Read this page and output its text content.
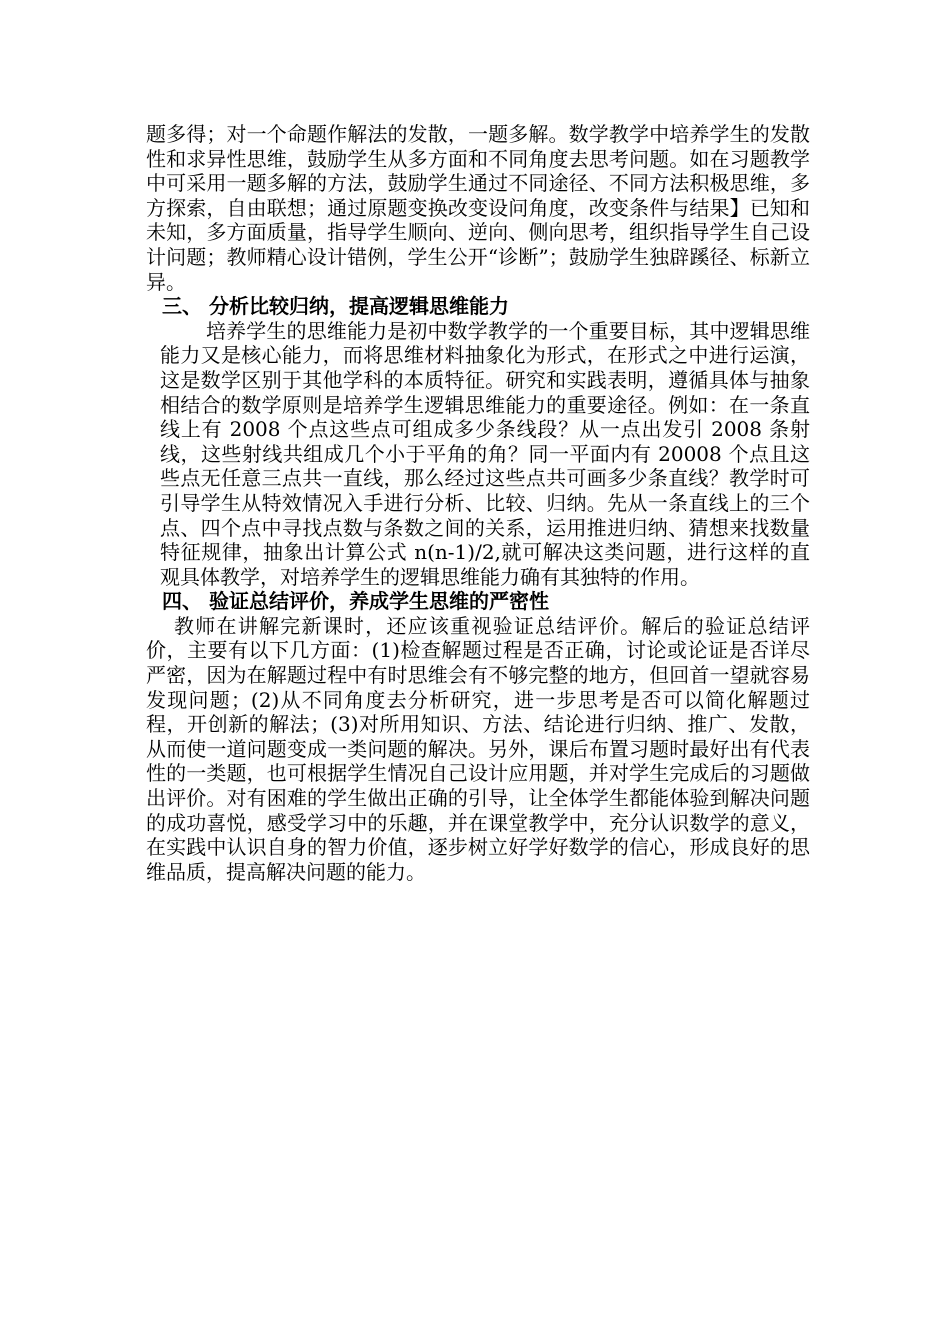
题多得；对一个命题作解法的发散，一题多解。数学教学中培养学生的发散性和求异性思维，鼓励学生从多方面和不同角度去思考问题。如在习题教学中可采用一题多解的方法，鼓励学生通过不同途径、不同方法积极思维，多方探索，自由联想；通过原题变换改变设问角度，改变条件与结果】已知和未知，多方面质量，指导学生顺向、逆向、侧向思考，组织指导学生自己设计问题；教师精心设计错例，学生公开“诊断”；鼓励学生独辟蹊径、标新立异。

三、 分析比较归纳，提高逻辑思维能力

培养学生的思维能力是初中数学教学的一个重要目标，其中逻辑思维能力又是核心能力，而将思维材料抽象化为形式，在形式之中进行运演，这是数学区别于其他学科的本质特征。研究和实践表明，遵循具体与抽象相结合的数学原则是培养学生逻辑思维能力的重要途径。例如：在一条直线上有 2008 个点这些点可组成多少条线段？从一点出发引 2008 条射线，这些射线共组成几个小于平角的角？同一平面内有 20008 个点且这些点无任意三点共一直线，那么经过这些点共可画多少条直线？教学时可引导学生从特效情况入手进行分析、比较、归纳。先从一条直线上的三个点、四个点中寻找点数与条数之间的关系，运用推进归纳、猜想来找数量特征规律，抽象出计算公式 n(n-1)/2,就可解决这类问题，进行这样的直观具体教学，对培养学生的逻辑思维能力确有其独特的作用。

四、 验证总结评价，养成学生思维的严密性

教师在讲解完新课时，还应该重视验证总结评价。解后的验证总结评价，主要有以下几方面：(1)检查解题过程是否正确，讨论或论证是否详尽严密，因为在解题过程中有时思维会有不够完整的地方，但回首一望就容易发现问题；(2)从不同角度去分析研究，进一步思考是否可以简化解题过程，开创新的解法；(3)对所用知识、方法、结论进行归纳、推广、发散，从而使一道问题变成一类问题的解决。另外，课后布置习题时最好出有代表性的一类题，也可根据学生情况自己设计应用题，并对学生完成后的习题做出评价。对有困难的学生做出正确的引导，让全体学生都能体验到解决问题的成功喜悦，感受学习中的乐趣，并在课堂教学中，充分认识数学的意义，在实践中认识自身的智力价值，逐步树立好学好数学的信心，形成良好的思维品质，提高解决问题的能力。
